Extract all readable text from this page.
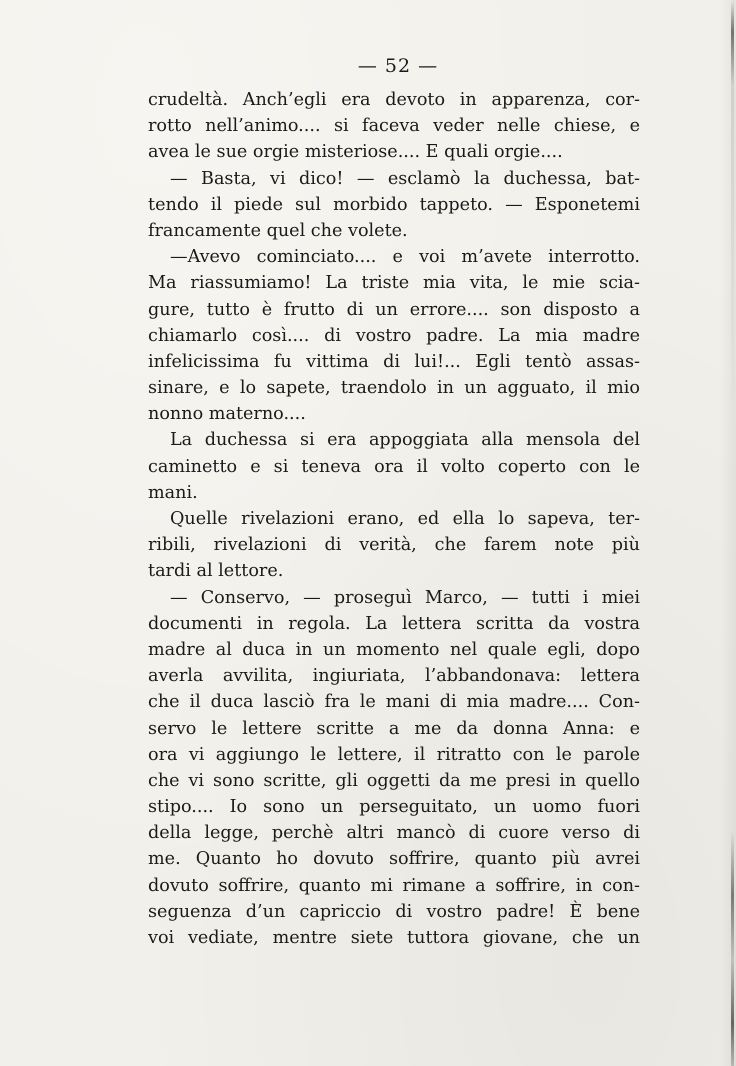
— 52 —
crudeltà. Anch’egli era devoto in apparenza, cor-
rotto nell’animo.... si faceva veder nelle chiese, e
avea le sue orgie misteriose.... E quali orgie....
— Basta, vi dico! — esclamò la duchessa, bat-
tendo il piede sul morbido tappeto. — Esponetemi
francamente quel che volete.
—Avevo cominciato.... e voi m’avete interrotto.
Ma riassumiamo! La triste mia vita, le mie scia-
gure, tutto è frutto di un errore.... son disposto a
chiamarlo così.... di vostro padre. La mia madre
infelicissima fu vittima di lui!... Egli tentò assas-
sinare, e lo sapete, traendolo in un agguato, il mio
nonno materno....
La duchessa si era appoggiata alla mensola del
caminetto e si teneva ora il volto coperto con le
mani.
Quelle rivelazioni erano, ed ella lo sapeva, ter-
ribili, rivelazioni di verità, che farem note più
tardi al lettore.
— Conservo, — proseguì Marco, — tutti i miei
documenti in regola. La lettera scritta da vostra
madre al duca in un momento nel quale egli, dopo
averla avvilita, ingiuriata, l’abbandonava: lettera
che il duca lasciò fra le mani di mia madre.... Con-
servo le lettere scritte a me da donna Anna: e
ora vi aggiungo le lettere, il ritratto con le parole
che vi sono scritte, gli oggetti da me presi in quello
stipo.... Io sono un perseguitato, un uomo fuori
della legge, perchè altri mancò di cuore verso di
me. Quanto ho dovuto soffrire, quanto più avrei
dovuto soffrire, quanto mi rimane a soffrire, in con-
seguenza d’un capriccio di vostro padre! È bene
voi vediate, mentre siete tuttora giovane, che un
